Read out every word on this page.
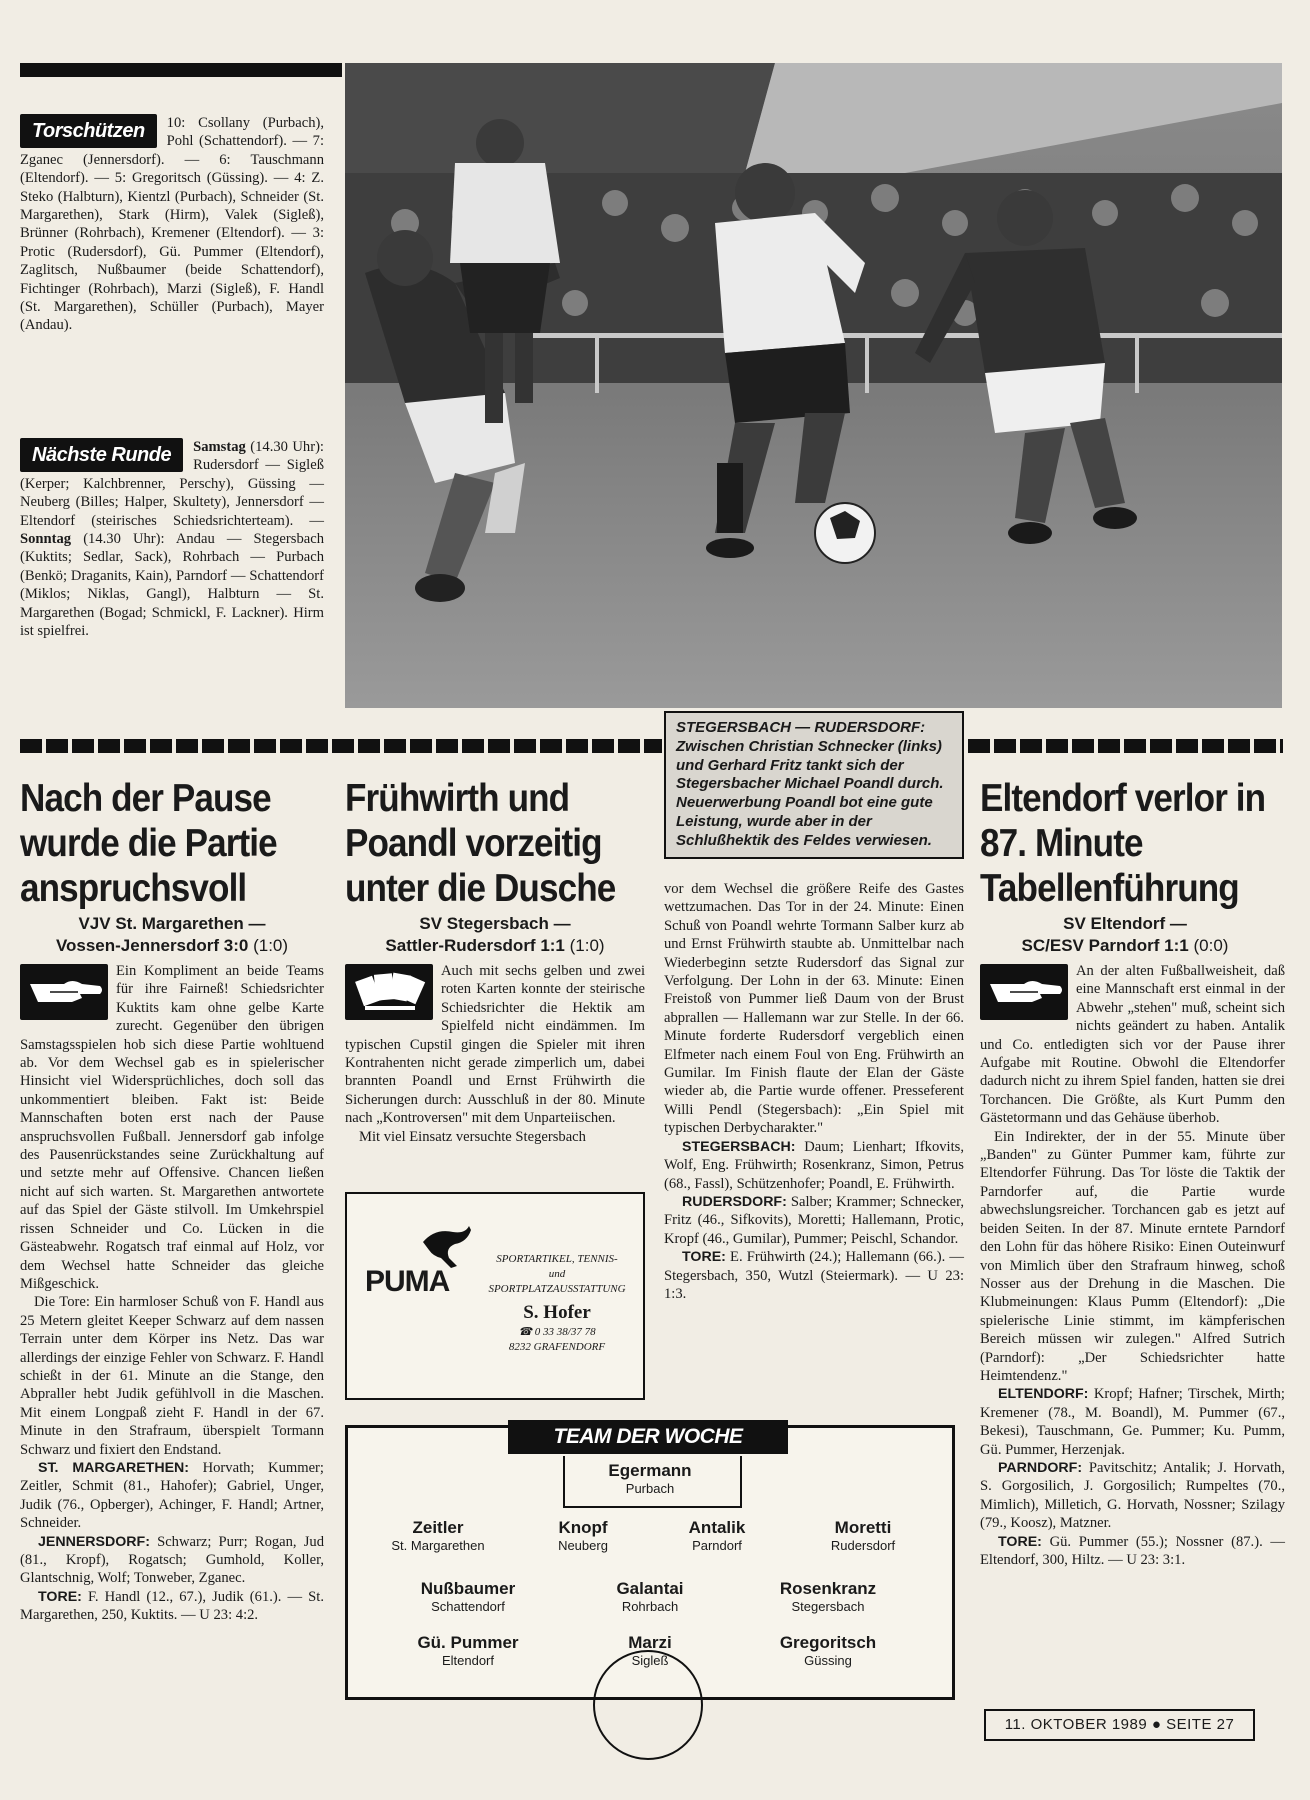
Torschützen	10: Csollany (Purbach), Pohl (Schattendorf). — 7: Zganec (Jennersdorf). — 6: Tauschmann (Eltendorf). — 5: Gregoritsch (Güssing). — 4: Z. Steko (Halbturn), Kientzl (Purbach), Schneider (St. Margarethen), Stark (Hirm), Valek (Sigleß), Brünner (Rohrbach), Kremener (Eltendorf). — 3: Protic (Rudersdorf), Gü. Pummer (Eltendorf), Zaglitsch, Nußbaumer (beide Schattendorf), Fichtinger (Rohrbach), Marzi (Sigleß), F. Handl (St. Margarethen), Schüller (Purbach), Mayer (Andau).
Nächste Runde	Samstag (14.30 Uhr): Rudersdorf — Sigleß (Kerper; Kalchbrenner, Perschy), Güssing — Neuberg (Billes; Halper, Skultety), Jennersdorf — Eltendorf (steirisches Schiedsrichterteam). — Sonntag (14.30 Uhr): Andau — Stegersbach (Kuktits; Sedlar, Sack), Rohrbach — Purbach (Benkö; Draganits, Kain), Parndorf — Schattendorf (Miklos; Niklas, Gangl), Halbturn — St. Margarethen (Bogad; Schmickl, F. Lackner). Hirm ist spielfrei.
STEGERSBACH — RUDERSDORF:
Zwischen Christian Schnecker (links) und Gerhard Fritz tankt sich der Stegersbacher Michael Poandl durch. Neuerwerbung Poandl bot eine gute Leistung, wurde aber in der Schlußhektik des Feldes verwiesen.
Nach der Pause wurde die Partie anspruchsvoll
VJV St. Margarethen —
Vossen-Jennersdorf 3:0 (1:0)

Ein Kompliment an beide Teams für ihre Fairneß! Schiedsrichter Kuktits kam ohne gelbe Karte zurecht. Gegenüber den übrigen Samstagsspielen hob sich diese Partie wohltuend ab. Vor dem Wechsel gab es in spielerischer Hinsicht viel Widersprüchliches, doch soll das unkommentiert bleiben. Fakt ist: Beide Mannschaften boten erst nach der Pause anspruchsvollen Fußball. Jennersdorf gab infolge des Pausenrückstandes seine Zurückhaltung auf und setzte mehr auf Offensive. Chancen ließen nicht auf sich warten. St. Margarethen antwortete auf das Spiel der Gäste stilvoll. Im Umkehrspiel rissen Schneider und Co. Lücken in die Gästeabwehr. Rogatsch traf einmal auf Holz, vor dem Wechsel hatte Schneider das gleiche Mißgeschick.

Die Tore: Ein harmloser Schuß von F. Handl aus 25 Metern gleitet Keeper Schwarz auf dem nassen Terrain unter dem Körper ins Netz. Das war allerdings der einzige Fehler von Schwarz. F. Handl schießt in der 61. Minute an die Stange, den Abpraller hebt Judik gefühlvoll in die Maschen. Mit einem Longpaß zieht F. Handl in der 67. Minute in den Strafraum, überspielt Tormann Schwarz und fixiert den Endstand.

ST. MARGARETHEN: Horvath; Kummer; Zeitler, Schmit (81., Hahofer); Gabriel, Unger, Judik (76., Opberger), Achinger, F. Handl; Artner, Schneider.

JENNERSDORF: Schwarz; Purr; Rogan, Jud (81., Kropf), Rogatsch; Gumhold, Koller, Glantschnig, Wolf; Tonweber, Zganec.

TORE: F. Handl (12., 67.), Judik (61.). — St. Margarethen, 250, Kuktits. — U 23: 4:2.

Frühwirth und Poandl vorzeitig unter die Dusche
SV Stegersbach —
Sattler-Rudersdorf 1:1 (1:0)

Auch mit sechs gelben und zwei roten Karten konnte der steirische Schiedsrichter die Hektik am Spielfeld nicht eindämmen. Im typischen Cupstil gingen die Spieler mit ihren Kontrahenten nicht gerade zimperlich um, dabei brannten Poandl und Ernst Frühwirth die Sicherungen durch: Ausschluß in der 80. Minute nach „Kontroversen" mit dem Unparteiischen.

Mit viel Einsatz versuchte Stegersbach

vor dem Wechsel die größere Reife des Gastes wettzumachen. Das Tor in der 24. Minute: Einen Schuß von Poandl wehrte Tormann Salber kurz ab und Ernst Frühwirth staubte ab. Unmittelbar nach Wiederbeginn setzte Rudersdorf das Signal zur Verfolgung. Der Lohn in der 63. Minute: Einen Freistoß von Pummer ließ Daum von der Brust abprallen — Hallemann war zur Stelle. In der 66. Minute forderte Rudersdorf vergeblich einen Elfmeter nach einem Foul von Eng. Frühwirth an Gumilar. Im Finish flaute der Elan der Gäste wieder ab, die Partie wurde offener. Presseferent Willi Pendl (Stegersbach): „Ein Spiel mit typischen Derbycharakter."

STEGERSBACH: Daum; Lienhart; Ifkovits, Wolf, Eng. Frühwirth; Rosenkranz, Simon, Petrus (68., Fassl), Schützenhofer; Poandl, E. Frühwirth.

RUDERSDORF: Salber; Krammer; Schnecker, Fritz (46., Sifkovits), Moretti; Hallemann, Protic, Kropf (46., Gumilar), Pummer; Peischl, Schandor.

TORE: E. Frühwirth (24.); Hallemann (66.). — Stegersbach, 350, Wutzl (Steiermark). — U 23: 1:3.

PUMA
SPORTARTIKEL, TENNIS-
und
SPORTPLATZAUSSTATTUNG
S. Hofer
☎ 0 33 38/37 78
8232 GRAFENDORF
TEAM DER WOCHE
Egermann
Purbach
Zeitler
St. Margarethen
Knopf
Neuberg
Antalik
Parndorf
Moretti
Rudersdorf
Nußbaumer
Schattendorf
Galantai
Rohrbach
Rosenkranz
Stegersbach
Gü. Pummer
Eltendorf
Marzi
Sigleß
Gregoritsch
Güssing
Eltendorf verlor in 87. Minute Tabellenführung
SV Eltendorf —
SC/ESV Parndorf 1:1 (0:0)

An der alten Fußballweisheit, daß eine Mannschaft erst einmal in der Abwehr „stehen" muß, scheint sich nichts geändert zu haben. Antalik und Co. entledigten sich vor der Pause ihrer Aufgabe mit Routine. Obwohl die Eltendorfer dadurch nicht zu ihrem Spiel fanden, hatten sie drei Torchancen. Die Größte, als Kurt Pumm den Gästetormann und das Gehäuse überhob.

Ein Indirekter, der in der 55. Minute über „Banden" zu Günter Pummer kam, führte zur Eltendorfer Führung. Das Tor löste die Taktik der Parndorfer auf, die Partie wurde abwechslungsreicher. Torchancen gab es jetzt auf beiden Seiten. In der 87. Minute erntete Parndorf den Lohn für das höhere Risiko: Einen Outeinwurf von Mimlich über den Strafraum hinweg, schoß Nosser aus der Drehung in die Maschen. Die Klubmeinungen: Klaus Pumm (Eltendorf): „Die spielerische Linie stimmt, im kämpferischen Bereich müssen wir zulegen." Alfred Sutrich (Parndorf): „Der Schiedsrichter hatte Heimtendenz."

ELTENDORF: Kropf; Hafner; Tirschek, Mirth; Kremener (78., M. Boandl), M. Pummer (67., Bekesi), Tauschmann, Ge. Pummer; Ku. Pumm, Gü. Pummer, Herzenjak.

PARNDORF: Pavitschitz; Antalik; J. Horvath, S. Gorgosilich, J. Gorgosilich; Rumpeltes (70., Mimlich), Milletich, G. Horvath, Nossner; Szilagy (79., Koosz), Matzner.

TORE: Gü. Pummer (55.); Nossner (87.). — Eltendorf, 300, Hiltz. — U 23: 3:1.

11. OKTOBER 1989 ● SEITE 27
